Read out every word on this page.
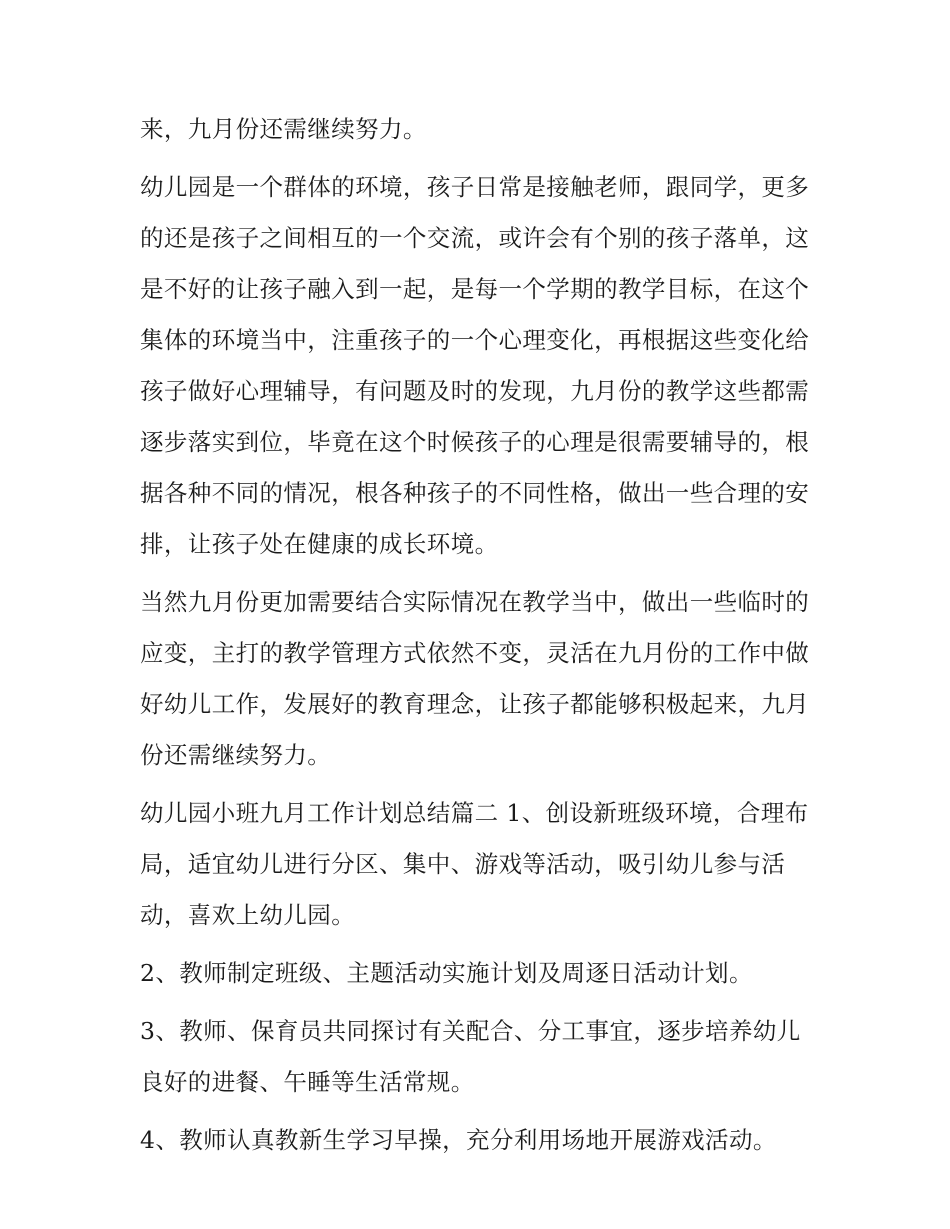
来，九月份还需继续努力。

幼儿园是一个群体的环境，孩子日常是接触老师，跟同学，更多的还是孩子之间相互的一个交流，或许会有个别的孩子落单，这是不好的让孩子融入到一起，是每一个学期的教学目标，在这个集体的环境当中，注重孩子的一个心理变化，再根据这些变化给孩子做好心理辅导，有问题及时的发现，九月份的教学这些都需逐步落实到位，毕竟在这个时候孩子的心理是很需要辅导的，根据各种不同的情况，根各种孩子的不同性格，做出一些合理的安排，让孩子处在健康的成长环境。

当然九月份更加需要结合实际情况在教学当中，做出一些临时的应变，主打的教学管理方式依然不变，灵活在九月份的工作中做好幼儿工作，发展好的教育理念，让孩子都能够积极起来，九月份还需继续努力。

幼儿园小班九月工作计划总结篇二 1、创设新班级环境，合理布局，适宜幼儿进行分区、集中、游戏等活动，吸引幼儿参与活动，喜欢上幼儿园。

2、教师制定班级、主题活动实施计划及周逐日活动计划。

3、教师、保育员共同探讨有关配合、分工事宜，逐步培养幼儿良好的进餐、午睡等生活常规。

4、教师认真教新生学习早操，充分利用场地开展游戏活动。
